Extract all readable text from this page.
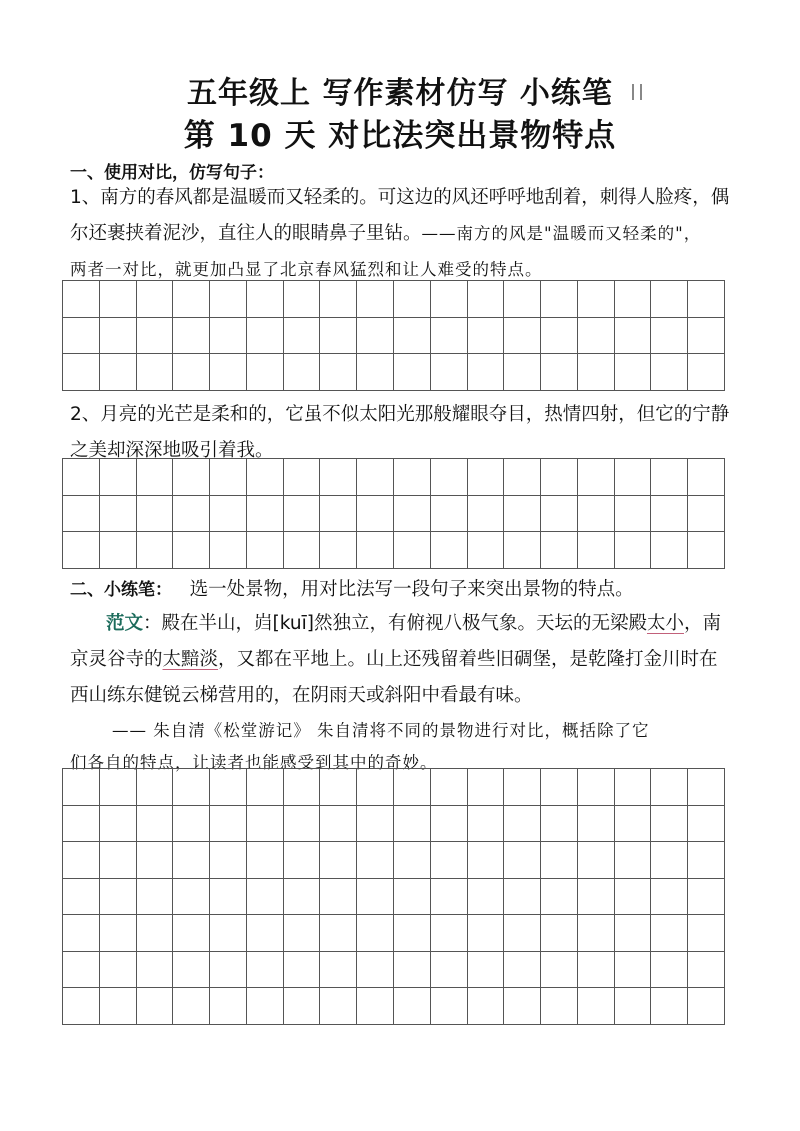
五年级上 写作素材仿写 小练笔
第 10 天 对比法突出景物特点
一、使用对比，仿写句子：
1、南方的春风都是温暖而又轻柔的。可这边的风还呼呼地刮着，刺得人脸疼，偶
尔还裹挟着泥沙，直往人的眼睛鼻子里钻。——南方的风是"温暖而又轻柔的"，
两者一对比，就更加凸显了北京春风猛烈和让人难受的特点。
2、月亮的光芒是柔和的，它虽不似太阳光那般耀眼夺目，热情四射，但它的宁静
之美却深深地吸引着我。
二、小练笔： 选一处景物，用对比法写一段句子来突出景物的特点。
范文：殿在半山，岿[kuī]然独立，有俯视八极气象。天坛的无梁殿太小，南
京灵谷寺的太黯淡，又都在平地上。山上还残留着些旧碉堡，是乾隆打金川时在
西山练东健锐云梯营用的，在阴雨天或斜阳中看最有味。
—— 朱自清《松堂游记》 朱自清将不同的景物进行对比，概括除了它
们各自的特点，让读者也能感受到其中的奇妙。
